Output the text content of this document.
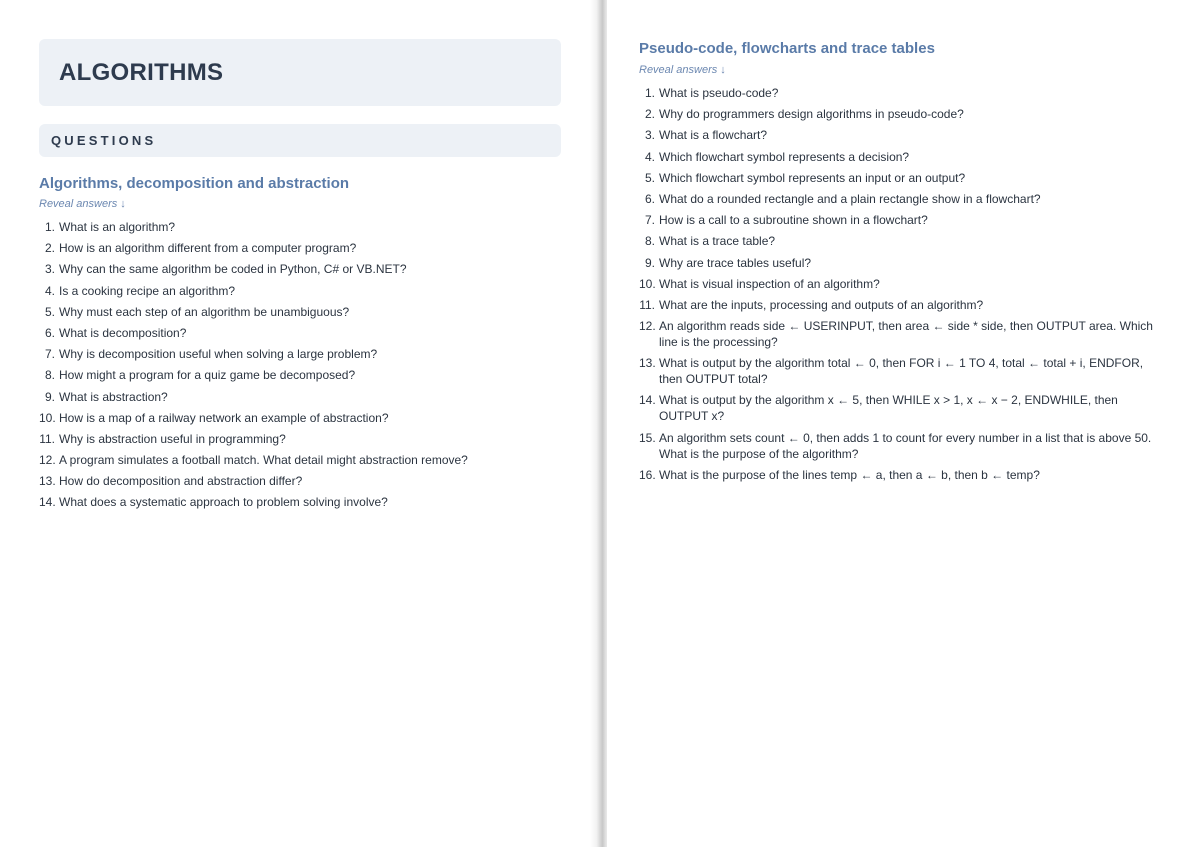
ALGORITHMS
QUESTIONS
Algorithms, decomposition and abstraction
Reveal answers ↓
1. What is an algorithm?
2. How is an algorithm different from a computer program?
3. Why can the same algorithm be coded in Python, C# or VB.NET?
4. Is a cooking recipe an algorithm?
5. Why must each step of an algorithm be unambiguous?
6. What is decomposition?
7. Why is decomposition useful when solving a large problem?
8. How might a program for a quiz game be decomposed?
9. What is abstraction?
10. How is a map of a railway network an example of abstraction?
11. Why is abstraction useful in programming?
12. A program simulates a football match. What detail might abstraction remove?
13. How do decomposition and abstraction differ?
14. What does a systematic approach to problem solving involve?
Pseudo-code, flowcharts and trace tables
Reveal answers ↓
1. What is pseudo-code?
2. Why do programmers design algorithms in pseudo-code?
3. What is a flowchart?
4. Which flowchart symbol represents a decision?
5. Which flowchart symbol represents an input or an output?
6. What do a rounded rectangle and a plain rectangle show in a flowchart?
7. How is a call to a subroutine shown in a flowchart?
8. What is a trace table?
9. Why are trace tables useful?
10. What is visual inspection of an algorithm?
11. What are the inputs, processing and outputs of an algorithm?
12. An algorithm reads side ← USERINPUT, then area ← side * side, then OUTPUT area. Which line is the processing?
13. What is output by the algorithm total ← 0, then FOR i ← 1 TO 4, total ← total + i, ENDFOR, then OUTPUT total?
14. What is output by the algorithm x ← 5, then WHILE x > 1, x ← x − 2, ENDWHILE, then OUTPUT x?
15. An algorithm sets count ← 0, then adds 1 to count for every number in a list that is above 50. What is the purpose of the algorithm?
16. What is the purpose of the lines temp ← a, then a ← b, then b ← temp?
